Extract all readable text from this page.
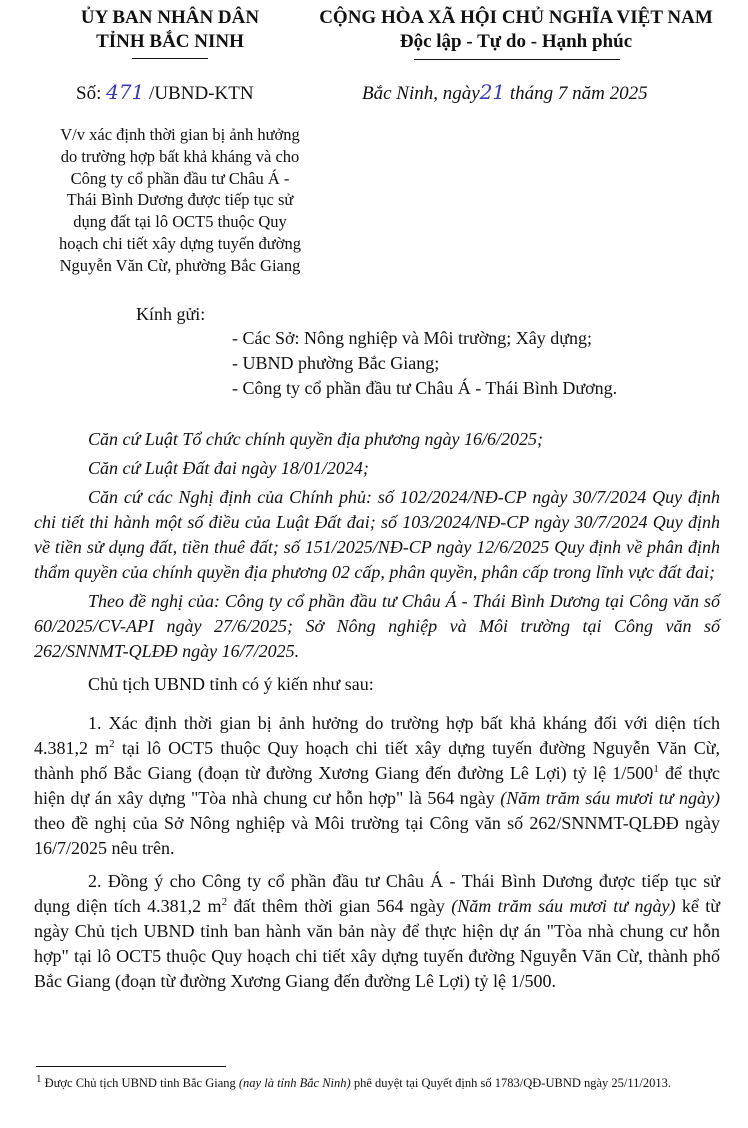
ỦY BAN NHÂN DÂN
TỈNH BẮC NINH
CỘNG HÒA XÃ HỘI CHỦ NGHĨA VIỆT NAM
Độc lập - Tự do - Hạnh phúc
Số: 471 /UBND-KTN	Bắc Ninh, ngày21 tháng 7 năm 2025
V/v xác định thời gian bị ảnh hưởng
do trường hợp bất khả kháng và cho
Công ty cổ phần đầu tư Châu Á -
Thái Bình Dương được tiếp tục sử
dụng đất tại lô OCT5 thuộc Quy
hoạch chi tiết xây dựng tuyến đường
Nguyễn Văn Cừ, phường Bắc Giang
Kính gửi:
- Các Sở: Nông nghiệp và Môi trường; Xây dựng;
- UBND phường Bắc Giang;
- Công ty cổ phần đầu tư Châu Á - Thái Bình Dương.
Căn cứ Luật Tổ chức chính quyền địa phương ngày 16/6/2025;
Căn cứ Luật Đất đai ngày 18/01/2024;
Căn cứ các Nghị định của Chính phủ: số 102/2024/NĐ-CP ngày 30/7/2024 Quy định chi tiết thi hành một số điều của Luật Đất đai; số 103/2024/NĐ-CP ngày 30/7/2024 Quy định về tiền sử dụng đất, tiền thuê đất; số 151/2025/NĐ-CP ngày 12/6/2025 Quy định về phân định thẩm quyền của chính quyền địa phương 02 cấp, phân quyền, phân cấp trong lĩnh vực đất đai;
Theo đề nghị của: Công ty cổ phần đầu tư Châu Á - Thái Bình Dương tại Công văn số 60/2025/CV-API ngày 27/6/2025; Sở Nông nghiệp và Môi trường tại Công văn số 262/SNNMT-QLĐĐ ngày 16/7/2025.
Chủ tịch UBND tỉnh có ý kiến như sau:
1. Xác định thời gian bị ảnh hưởng do trường hợp bất khả kháng đối với diện tích 4.381,2 $m^2$ tại lô OCT5 thuộc Quy hoạch chi tiết xây dựng tuyến đường Nguyễn Văn Cừ, thành phố Bắc Giang (đoạn từ đường Xương Giang đến đường Lê Lợi) tỷ lệ $1/500^1$ để thực hiện dự án xây dựng "Tòa nhà chung cư hỗn hợp" là 564 ngày (Năm trăm sáu mươi tư ngày) theo đề nghị của Sở Nông nghiệp và Môi trường tại Công văn số 262/SNNMT-QLĐĐ ngày 16/7/2025 nêu trên.
2. Đồng ý cho Công ty cổ phần đầu tư Châu Á - Thái Bình Dương được tiếp tục sử dụng diện tích 4.381,2 $m^2$ đất thêm thời gian 564 ngày (Năm trăm sáu mươi tư ngày) kể từ ngày Chủ tịch UBND tỉnh ban hành văn bản này để thực hiện dự án "Tòa nhà chung cư hỗn hợp" tại lô OCT5 thuộc Quy hoạch chi tiết xây dựng tuyến đường Nguyễn Văn Cừ, thành phố Bắc Giang (đoạn từ đường Xương Giang đến đường Lê Lợi) tỷ lệ 1/500.
$^1$ Được Chủ tịch UBND tỉnh Bắc Giang (nay là tỉnh Bắc Ninh) phê duyệt tại Quyết định số 1783/QĐ-UBND ngày 25/11/2013.
